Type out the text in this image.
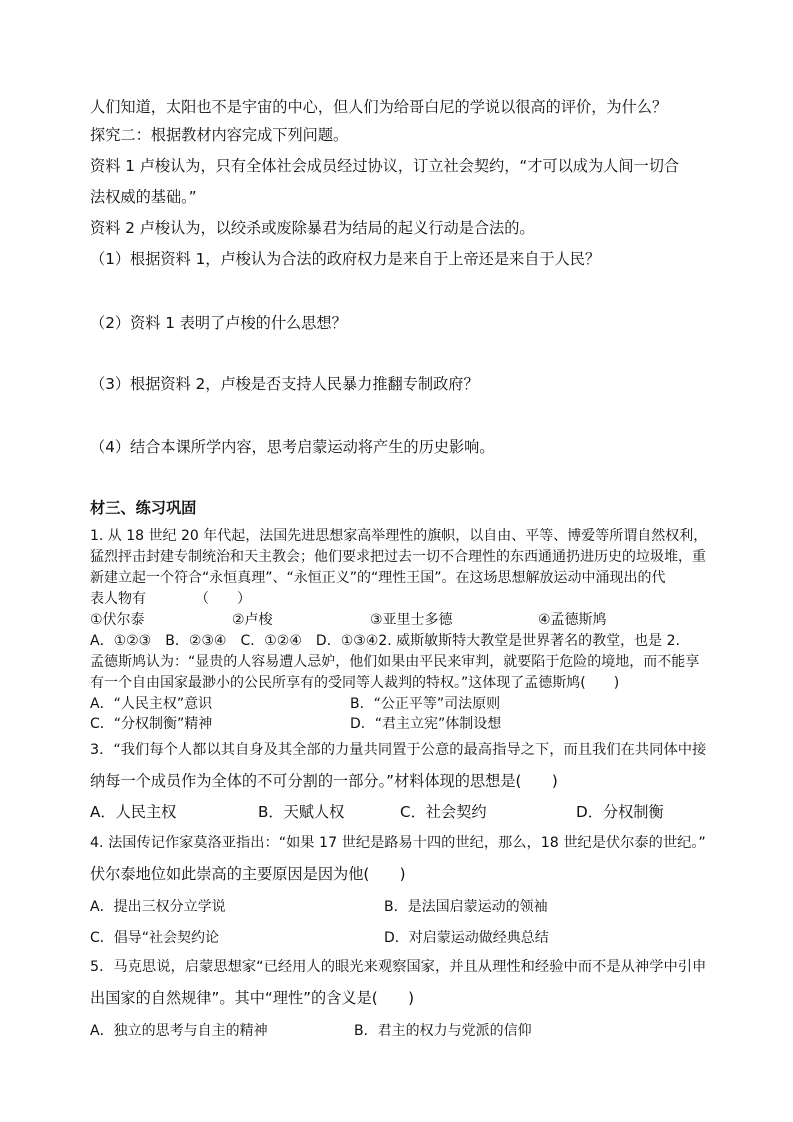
人们知道，太阳也不是宇宙的中心，但人们为给哥白尼的学说以很高的评价，为什么？
探究二：根据教材内容完成下列问题。
资料 1 卢梭认为，只有全体社会成员经过协议，订立社会契约，“才可以成为人间一切合
法权威的基础。”
资料 2 卢梭认为，以绞杀或废除暴君为结局的起义行动是合法的。
（1）根据资料 1，卢梭认为合法的政府权力是来自于上帝还是来自于人民？
（2）资料 1 表明了卢梭的什么思想？
（3）根据资料 2，卢梭是否支持人民暴力推翻专制政府？
（4）结合本课所学内容，思考启蒙运动将产生的历史影响。
材三、练习巩固
1. 从 18 世纪 20 年代起，法国先进思想家高举理性的旗帜，以自由、平等、博爱等所谓自然权利，
猛烈抨击封建专制统治和天主教会；他们要求把过去一切不合理性的东西通通扔进历史的垃圾堆，重
新建立起一个符合“永恒真理”、“永恒正义”的“理性王国”。在这场思想解放运动中涌现出的代
表人物有　　　　（　　）
①伏尔泰	②卢梭	③亚里士多德	④孟德斯鸠
A．①②③　B．②③④　C．①②④　D．①③④2. 威斯敏斯特大教堂是世界著名的教堂，也是 2.
孟德斯鸠认为：“显贵的人容易遭人忌妒，他们如果由平民来审判，就要陷于危险的境地，而不能享
有一个自由国家最渺小的公民所享有的受同等人裁判的特权。”这体现了孟德斯鸠(　　)
A．“人民主权”意识	B．“公正平等”司法原则
C．“分权制衡”精神	D．“君主立宪”体制设想
3．“我们每个人都以其自身及其全部的力量共同置于公意的最高指导之下，而且我们在共同体中接
纳每一个成员作为全体的不可分割的一部分。”材料体现的思想是(　　)
A．人民主权	B．天赋人权	C．社会契约	D．分权制衡
4. 法国传记作家莫洛亚指出：“如果 17 世纪是路易十四的世纪，那么，18 世纪是伏尔泰的世纪。”
伏尔泰地位如此崇高的主要原因是因为他(　　)
A．提出三权分立学说	B．是法国启蒙运动的领袖
C．倡导“社会契约论	D．对启蒙运动做经典总结
5．马克思说，启蒙思想家“已经用人的眼光来观察国家，并且从理性和经验中而不是从神学中引申
出国家的自然规律”。其中“理性”的含义是(　　)
A．独立的思考与自主的精神	B．君主的权力与党派的信仰
